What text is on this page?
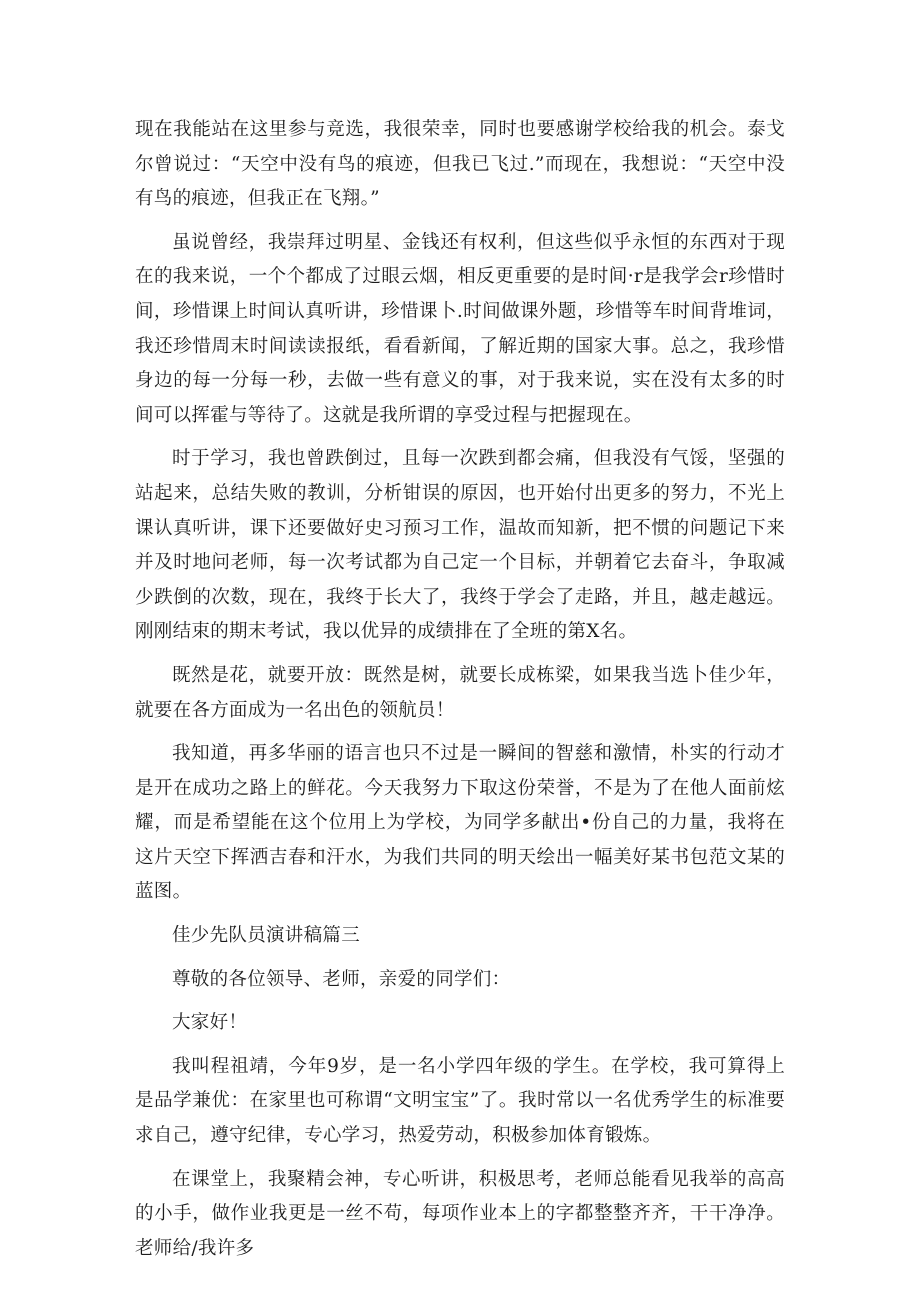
现在我能站在这里参与竞选，我很荣幸，同时也要感谢学校给我的机会。泰戈尔曾说过：“天空中没有鸟的痕迹，但我已飞过.”而现在，我想说：“天空中没有鸟的痕迹，但我正在飞翔。”

虽说曾经，我崇拜过明星、金钱还有权利，但这些似乎永恒的东西对于现在的我来说，一个个都成了过眼云烟，相反更重要的是时间·r是我学会r珍惜时间，珍惜课上时间认真听讲，珍惜课卜.时间做课外题，珍惜等车时间背堆词，我还珍惜周末时间读读报纸，看看新闻，了解近期的国家大事。总之，我珍惜身边的每一分每一秒，去做一些有意义的事，对于我来说，实在没有太多的时间可以挥霍与等待了。这就是我所谓的享受过程与把握现在。

时于学习，我也曾跌倒过，且每一次跌到都会痛，但我没有气馁，坚强的站起来，总结失败的教训，分析钳误的原因，也开始付出更多的努力，不光上课认真听讲，课下还要做好史习预习工作，温故而知新，把不惯的问题记下来并及时地问老师，每一次考试都为自己定一个目标，并朝着它去奋斗，争取减少跌倒的次数，现在，我终于长大了，我终于学会了走路，并且，越走越远。刚刚结束的期末考试，我以优异的成绩排在了全班的第X名。

既然是花，就要开放：既然是树，就要长成栋梁，如果我当选卜佳少年，就要在各方面成为一名出色的领航员！

我知道，再多华丽的语言也只不过是一瞬间的智慈和激情，朴实的行动才是开在成功之路上的鲜花。今天我努力下取这份荣誉，不是为了在他人面前炫耀，而是希望能在这个位用上为学校，为同学多献出•份自己的力量，我将在这片天空下挥洒吉春和汗水，为我们共同的明天绘出一幅美好某书包范文某的蓝图。

佳少先队员演讲稿篇三

尊敬的各位领导、老师，亲爱的同学们：

大家好！

我叫程祖靖，今年9岁，是一名小学四年级的学生。在学校，我可算得上是品学兼优：在家里也可称谓“文明宝宝”了。我时常以一名优秀学生的标准要求自己，遵守纪律，专心学习，热爱劳动，积极参加体育锻炼。

在课堂上，我聚精会神，专心听讲，积极思考，老师总能看见我举的高高的小手，做作业我更是一丝不苟，每项作业本上的字都整整齐齐，干干净净。老师给/我许多
